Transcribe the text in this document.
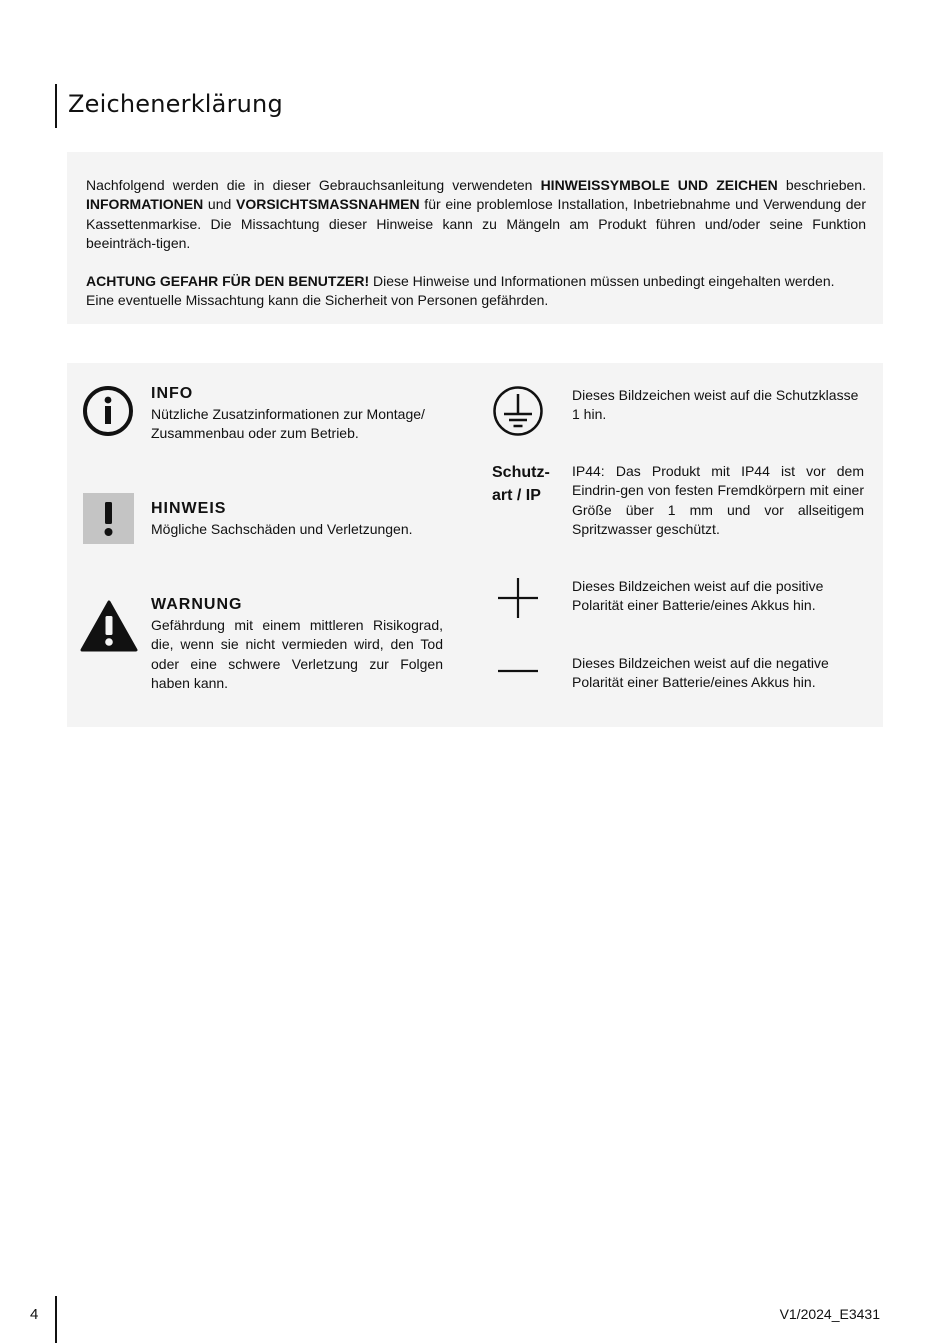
Zeichenerklärung

Nachfolgend werden die in dieser Gebrauchsanleitung verwendeten HINWEISSYMBOLE UND ZEICHEN beschrieben. INFORMATIONEN und VORSICHTSMASSNAHMEN für eine problemlose Installation, Inbetriebnahme und Verwendung der Kassettenmarkise. Die Missachtung dieser Hinweise kann zu Mängeln am Produkt führen und/oder seine Funktion beeinträch-tigen.

ACHTUNG GEFAHR FÜR DEN BENUTZER! Diese Hinweise und Informationen müssen unbedingt eingehalten werden.
Eine eventuelle Missachtung kann die Sicherheit von Personen gefährden.

INFO

Nützliche Zusatzinformationen zur Montage/ Zusammenbau oder zum Betrieb.

HINWEIS

Mögliche Sachschäden und Verletzungen.

WARNUNG

Gefährdung mit einem mittleren Risikograd, die, wenn sie nicht vermieden wird, den Tod oder eine schwere Verletzung zur Folgen haben kann.

Dieses Bildzeichen weist auf die Schutzklasse 1 hin.

Schutz-
art / IP

IP44: Das Produkt mit IP44 ist vor dem Eindrin-gen von festen Fremdkörpern mit einer Größe über 1 mm und vor allseitigem Spritzwasser geschützt.

Dieses Bildzeichen weist auf die positive Polarität einer Batterie/eines Akkus hin.

Dieses Bildzeichen weist auf die negative Polarität einer Batterie/eines Akkus hin.

4	V1/2024_E3431
